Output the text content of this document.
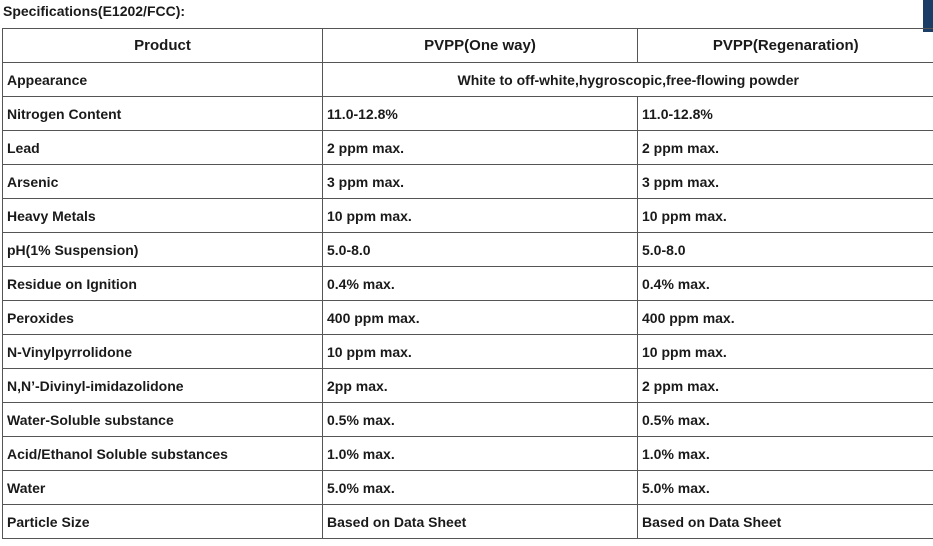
Specifications(E1202/FCC):
Product	PVPP(One way)	PVPP(Regenaration)
Appearance	White to off-white,hygroscopic,free-flowing powder	
Nitrogen Content	11.0-12.8%	11.0-12.8%
Lead	2 ppm max.	2 ppm max.
Arsenic	3 ppm max.	3 ppm max.
Heavy Metals	10 ppm max.	10 ppm max.
pH(1% Suspension)	5.0-8.0	5.0-8.0
Residue on Ignition	0.4% max.	0.4% max.
Peroxides	400 ppm max.	400 ppm max.
N-Vinylpyrrolidone	10 ppm max.	10 ppm max.
N,N’-Divinyl-imidazolidone	2pp max.	2 ppm max.
Water-Soluble substance	0.5% max.	0.5% max.
Acid/Ethanol Soluble substances	1.0% max.	1.0% max.
Water	5.0% max.	5.0% max.
Particle Size	Based on Data Sheet	Based on Data Sheet
